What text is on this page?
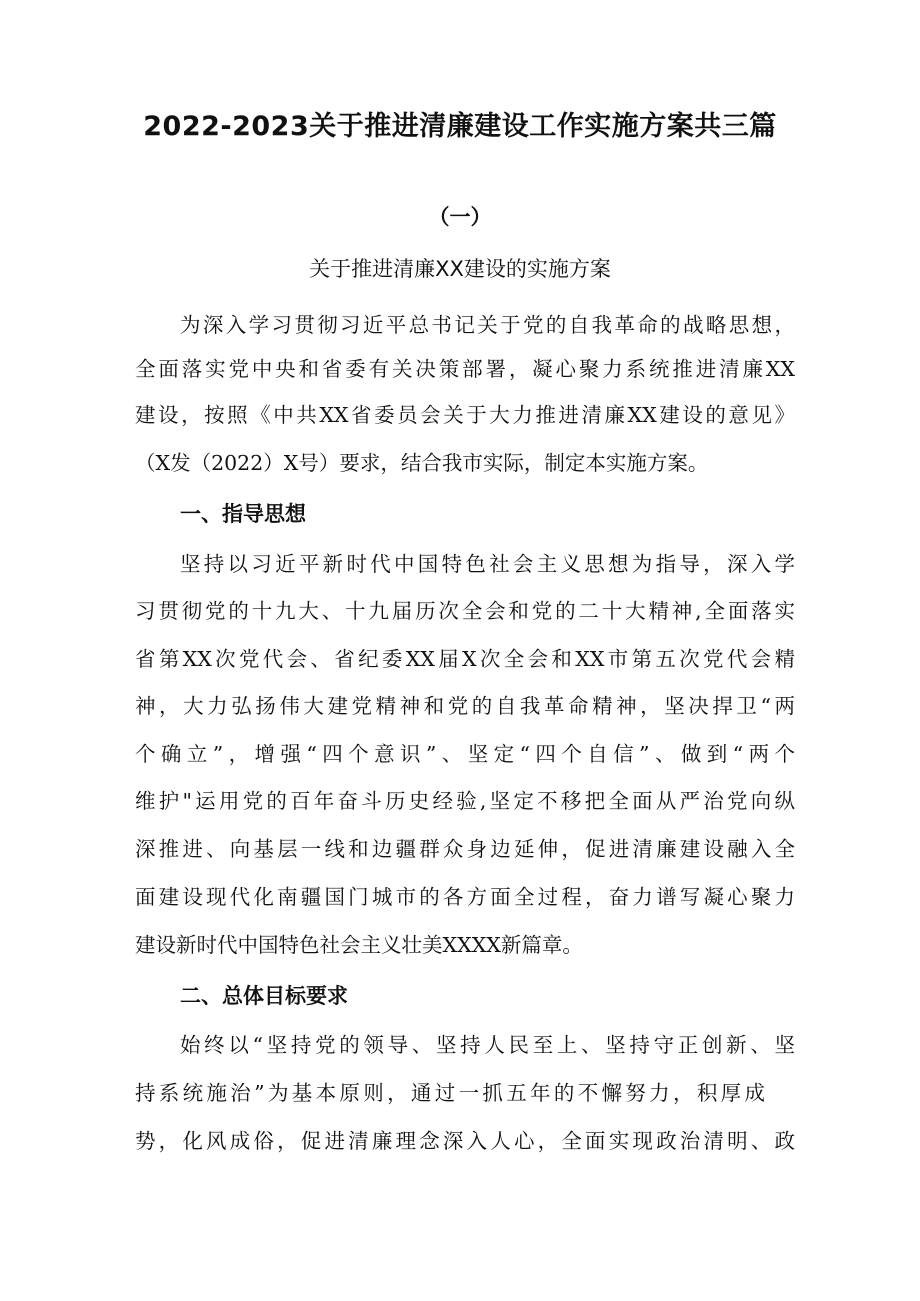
2022-2023关于推进清廉建设工作实施方案共三篇
（一）
关于推进清廉XX建设的实施方案
为深入学习贯彻习近平总书记关于党的自我革命的战略思想，
全面落实党中央和省委有关决策部署，凝心聚力系统推进清廉XX
建设，按照《中共XX省委员会关于大力推进清廉XX建设的意见》
（X发（2022）X号）要求，结合我市实际，制定本实施方案。
一、指导思想
坚持以习近平新时代中国特色社会主义思想为指导，深入学
习贯彻党的十九大、十九届历次全会和党的二十大精神,全面落实
省第XX次党代会、省纪委XX届X次全会和XX市第五次党代会精
神，大力弘扬伟大建党精神和党的自我革命精神，坚决捍卫“两
个确立”，增强“四个意识”、坚定“四个自信”、做到“两个
维护"运用党的百年奋斗历史经验,坚定不移把全面从严治党向纵
深推进、向基层一线和边疆群众身边延伸，促进清廉建设融入全
面建设现代化南疆国门城市的各方面全过程，奋力谱写凝心聚力
建设新时代中国特色社会主义壮美XXXX新篇章。
二、总体目标要求
始终以“坚持党的领导、坚持人民至上、坚持守正创新、坚
持系统施治”为基本原则，通过一抓五年的不懈努力，积厚成
势，化风成俗，促进清廉理念深入人心，全面实现政治清明、政
